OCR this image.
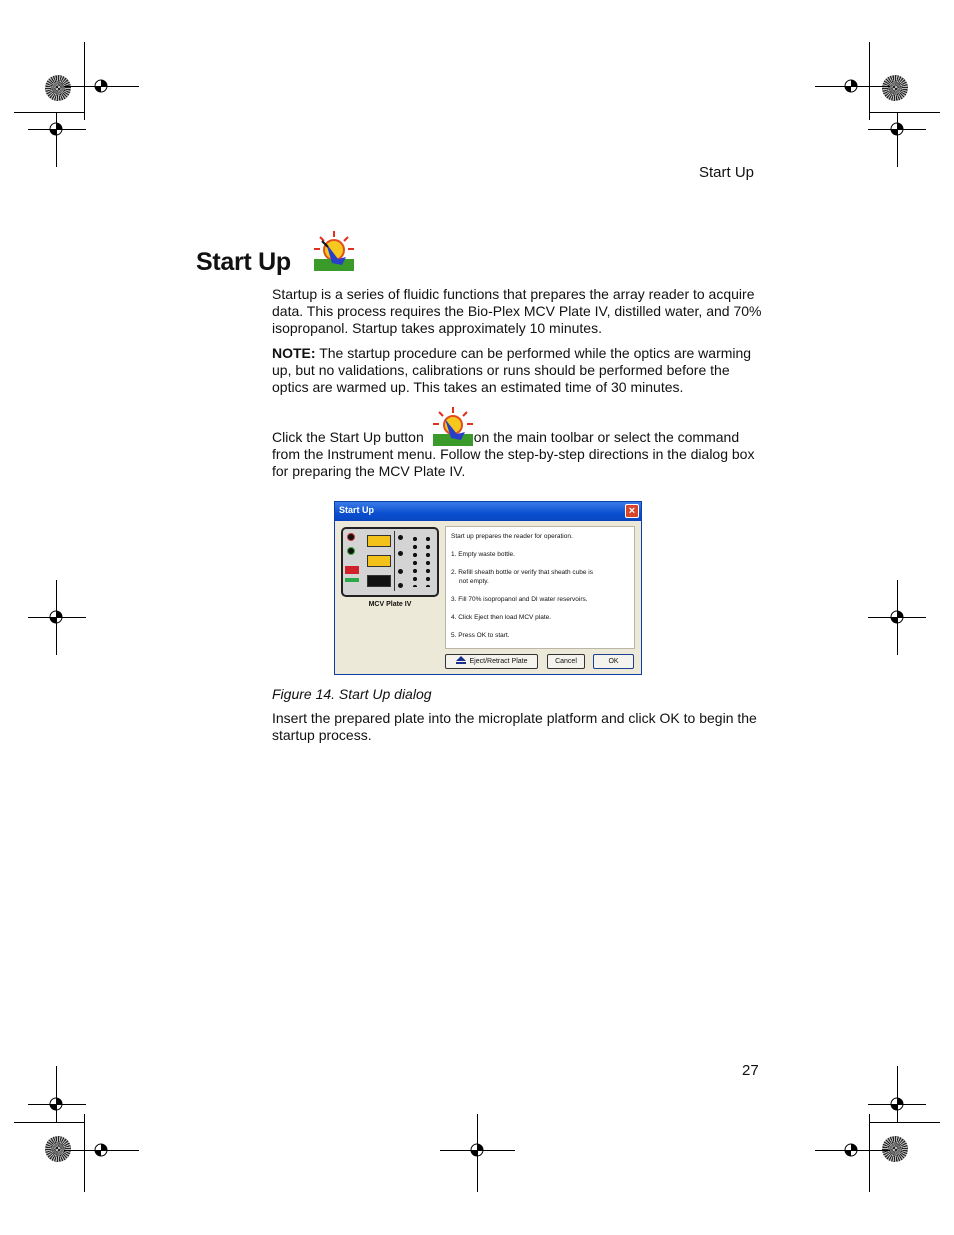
Start Up
Start Up
Startup is a series of fluidic functions that prepares the array reader to acquire data. This process requires the Bio-Plex MCV Plate IV, distilled water, and 70% isopropanol. Startup takes approximately 10 minutes.
NOTE: The startup procedure can be performed while the optics are warming up, but no validations, calibrations or runs should be performed before the optics are warmed up. This takes an estimated time of 30 minutes.
Click the Start Up button	on the main toolbar or select the command from the Instrument menu. Follow the step-by-step directions in the dialog box for preparing the MCV Plate IV.
Start Up	×
MCV Plate IV
Start up prepares the reader for operation.
1. Empty waste bottle.
2. Refill sheath bottle or verify that sheath cube is
not empty.
3. Fill 70% isopropanol and DI water reservoirs.
4. Click Eject then load MCV plate.
5. Press OK to start.
Eject/Retract Plate	Cancel	OK
Figure 14. Start Up dialog
Insert the prepared plate into the microplate platform and click OK to begin the startup process.
27
